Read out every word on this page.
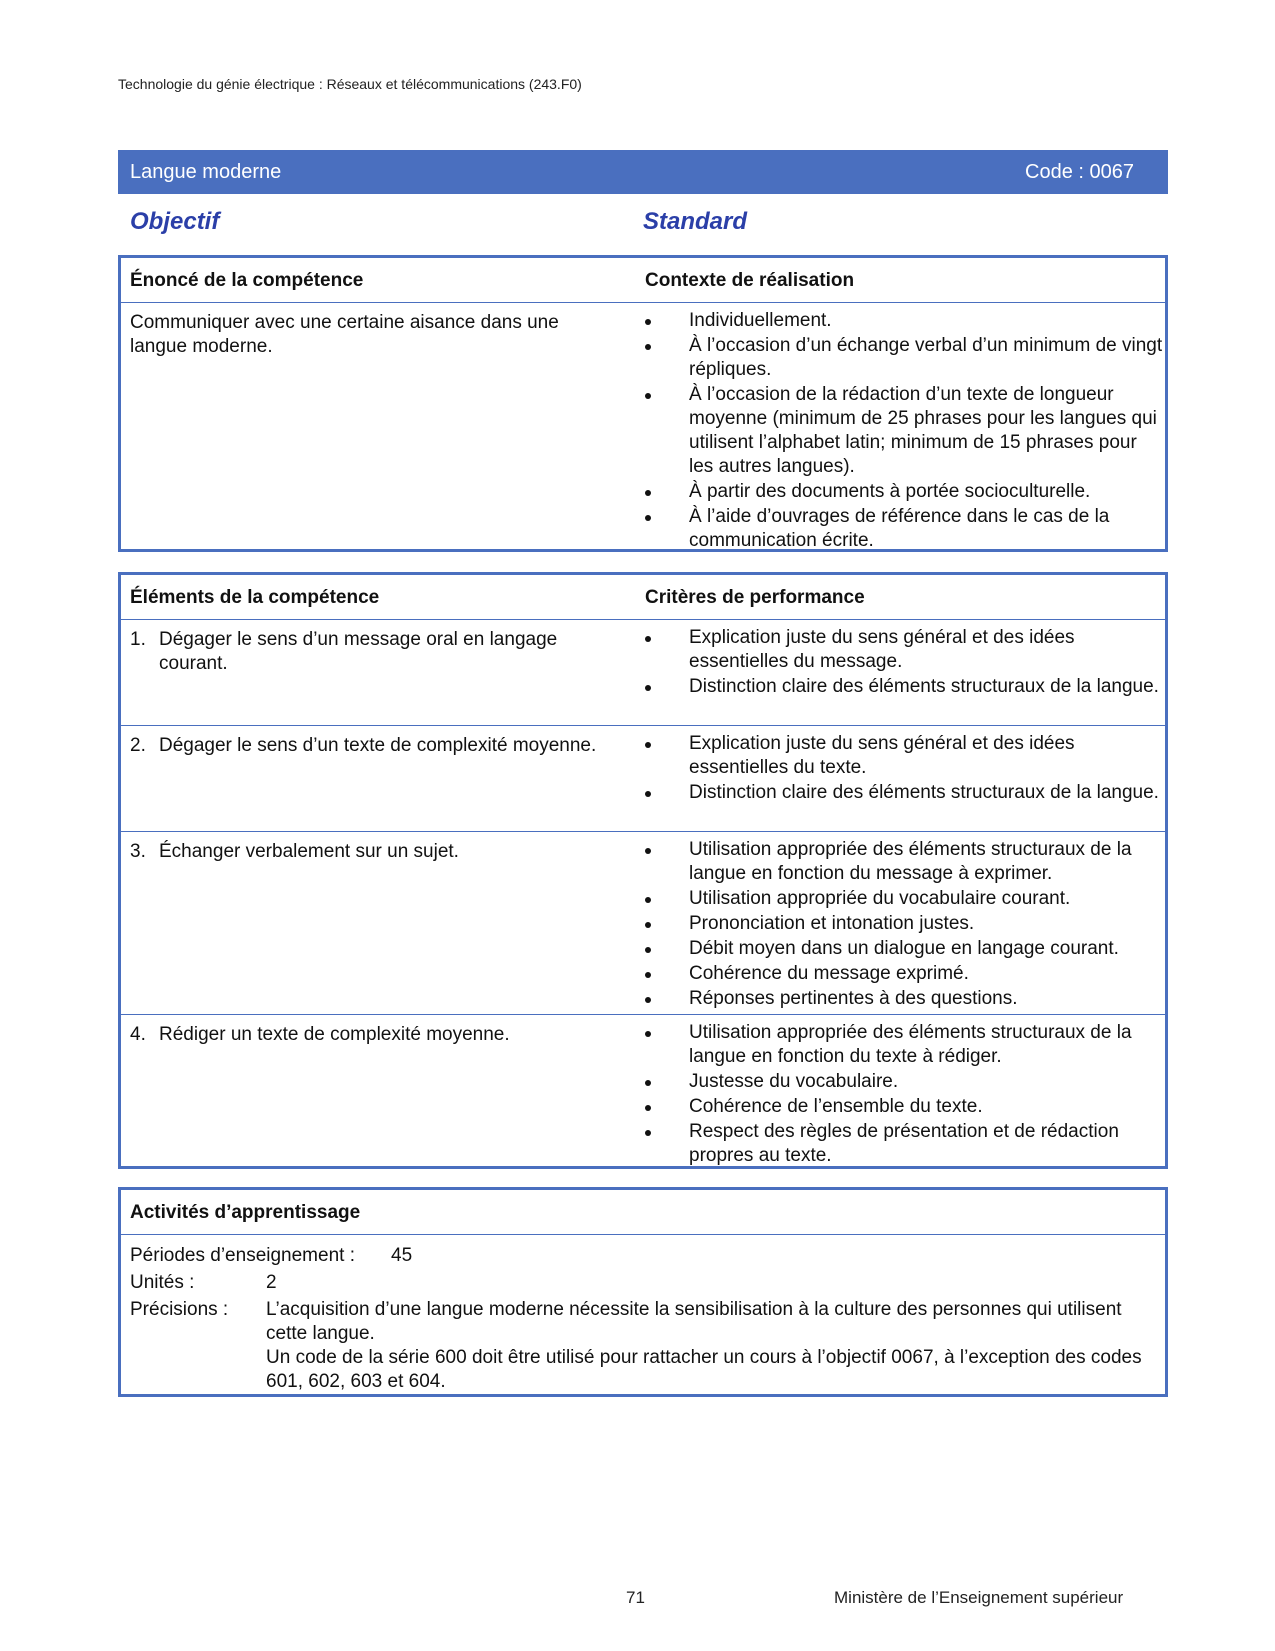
Technologie du génie électrique : Réseaux et télécommunications (243.F0)
Langue moderne	Code : 0067
Objectif	Standard
Énoncé de la compétence	Contexte de réalisation
Communiquer avec une certaine aisance dans une langue moderne.
Individuellement.
À l’occasion d’un échange verbal d’un minimum de vingt répliques.
À l’occasion de la rédaction d’un texte de longueur moyenne (minimum de 25 phrases pour les langues qui utilisent l’alphabet latin; minimum de 15 phrases pour les autres langues).
À partir des documents à portée socioculturelle.
À l’aide d’ouvrages de référence dans le cas de la communication écrite.
Éléments de la compétence	Critères de performance
1. Dégager le sens d’un message oral en langage courant.
Explication juste du sens général et des idées essentielles du message.
Distinction claire des éléments structuraux de la langue.
2. Dégager le sens d’un texte de complexité moyenne.	Explication juste du sens général et des idées essentielles du texte.
Distinction claire des éléments structuraux de la langue.
3. Échanger verbalement sur un sujet.	Utilisation appropriée des éléments structuraux de la langue en fonction du message à exprimer.
Utilisation appropriée du vocabulaire courant.
Prononciation et intonation justes.
Débit moyen dans un dialogue en langage courant.
Cohérence du message exprimé.
Réponses pertinentes à des questions.
4. Rédiger un texte de complexité moyenne.	Utilisation appropriée des éléments structuraux de la langue en fonction du texte à rédiger.
Justesse du vocabulaire.
Cohérence de l’ensemble du texte.
Respect des règles de présentation et de rédaction propres au texte.
Activités d’apprentissage
Périodes d’enseignement : 45
Unités :	2
Précisions : L’acquisition d’une langue moderne nécessite la sensibilisation à la culture des personnes qui utilisent cette langue.
Un code de la série 600 doit être utilisé pour rattacher un cours à l’objectif 0067, à l’exception des codes 601, 602, 603 et 604.
71	Ministère de l’Enseignement supérieur
